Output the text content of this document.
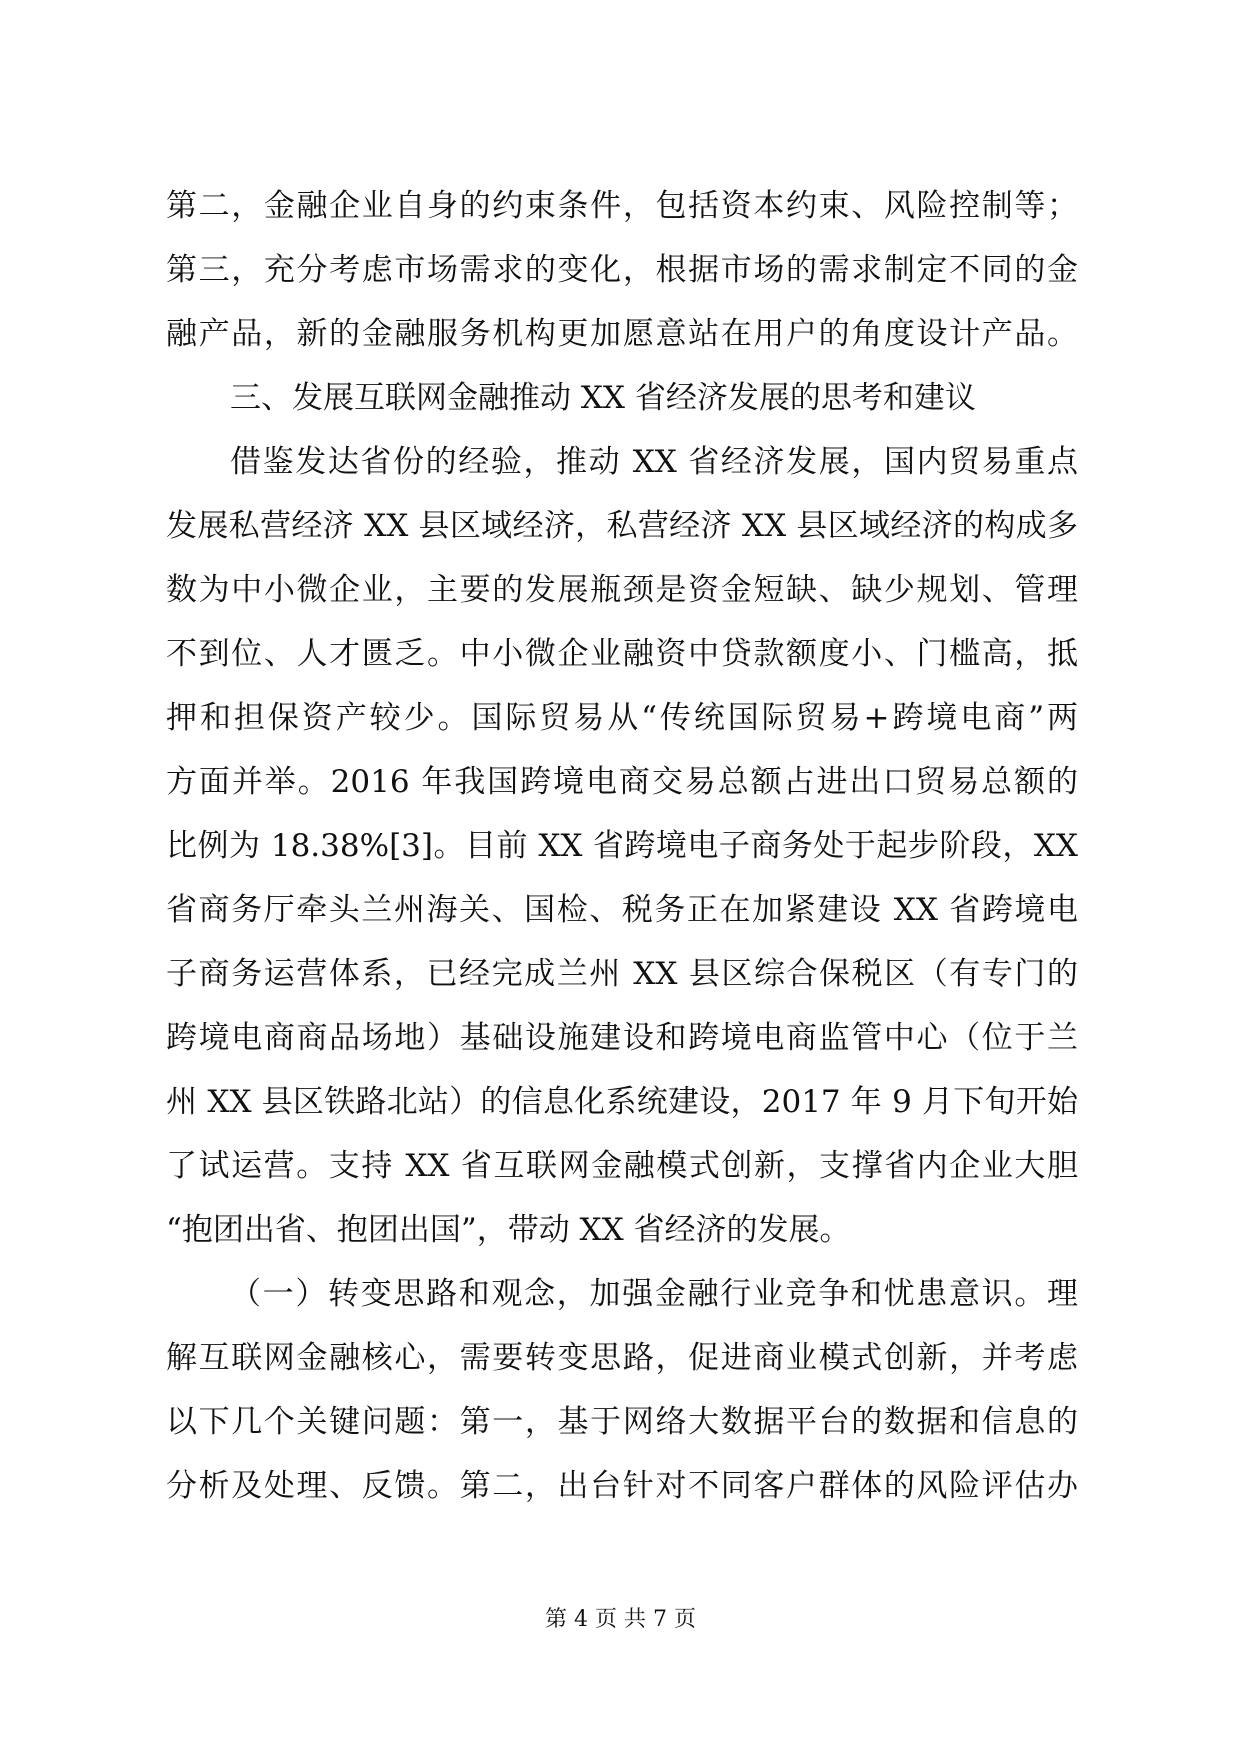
第二，金融企业自身的约束条件，包括资本约束、风险控制等；
第三，充分考虑市场需求的变化，根据市场的需求制定不同的金
融产品，新的金融服务机构更加愿意站在用户的角度设计产品。
三、发展互联网金融推动 XX 省经济发展的思考和建议
借鉴发达省份的经验，推动 XX 省经济发展，国内贸易重点
发展私营经济 XX 县区域经济，私营经济 XX 县区域经济的构成多
数为中小微企业，主要的发展瓶颈是资金短缺、缺少规划、管理
不到位、人才匮乏。中小微企业融资中贷款额度小、门槛高，抵
押和担保资产较少。国际贸易从“传统国际贸易+跨境电商”两
方面并举。2016 年我国跨境电商交易总额占进出口贸易总额的
比例为 18.38%[3]。目前 XX 省跨境电子商务处于起步阶段，XX
省商务厅牵头兰州海关、国检、税务正在加紧建设 XX 省跨境电
子商务运营体系，已经完成兰州 XX 县区综合保税区（有专门的
跨境电商商品场地）基础设施建设和跨境电商监管中心（位于兰
州 XX 县区铁路北站）的信息化系统建设，2017 年 9 月下旬开始
了试运营。支持 XX 省互联网金融模式创新，支撑省内企业大胆
“抱团出省、抱团出国”，带动 XX 省经济的发展。
（一）转变思路和观念，加强金融行业竞争和忧患意识。理
解互联网金融核心，需要转变思路，促进商业模式创新，并考虑
以下几个关键问题：第一，基于网络大数据平台的数据和信息的
分析及处理、反馈。第二，出台针对不同客户群体的风险评估办
第 4 页 共 7 页
